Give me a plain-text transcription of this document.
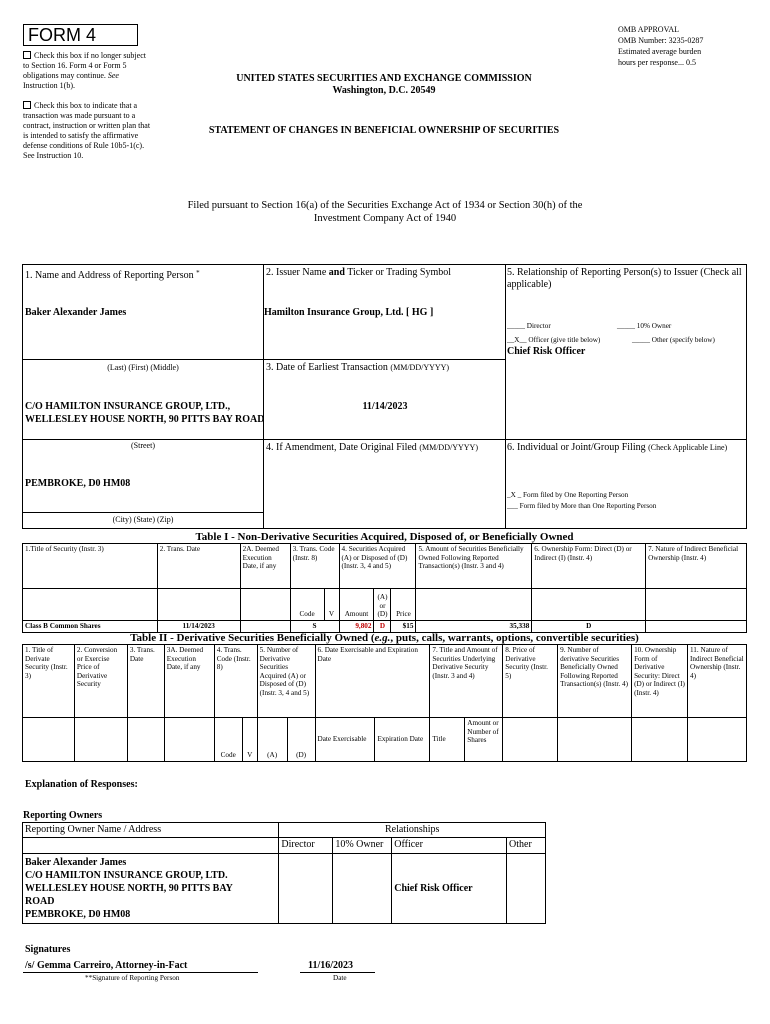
FORM 4
Check this box if no longer subject to Section 16. Form 4 or Form 5 obligations may continue. See Instruction 1(b).
Check this box to indicate that a transaction was made pursuant to a contract, instruction or written plan that is intended to satisfy the affirmative defense conditions of Rule 10b5-1(c). See Instruction 10.
OMB APPROVAL
OMB Number: 3235-0287
Estimated average burden
hours per response... 0.5
UNITED STATES SECURITIES AND EXCHANGE COMMISSION
Washington, D.C. 20549
STATEMENT OF CHANGES IN BENEFICIAL OWNERSHIP OF SECURITIES
Filed pursuant to Section 16(a) of the Securities Exchange Act of 1934 or Section 30(h) of the
Investment Company Act of 1940
1. Name and Address of Reporting Person *
Baker Alexander James
(Last) (First) (Middle)
C/O HAMILTON INSURANCE GROUP, LTD., WELLESLEY HOUSE NORTH, 90 PITTS BAY ROAD
(Street)
PEMBROKE, D0 HM08
(City) (State) (Zip)
2. Issuer Name and Ticker or Trading Symbol
Hamilton Insurance Group, Ltd. [ HG ]
3. Date of Earliest Transaction (MM/DD/YYYY)
11/14/2023
4. If Amendment, Date Original Filed (MM/DD/YYYY)
5. Relationship of Reporting Person(s) to Issuer (Check all applicable)
_____ Director	_____ 10% Owner
__X__ Officer (give title below)	_____ Other (specify below)
Chief Risk Officer
6. Individual or Joint/Group Filing (Check Applicable Line)
_X _ Form filed by One Reporting Person
___ Form filed by More than One Reporting Person
Table I - Non-Derivative Securities Acquired, Disposed of, or Beneficially Owned
1.Title of Security (Instr. 3)	2. Trans. Date	2A. Deemed Execution Date, if any	3. Trans. Code (Instr. 8)		4. Securities Acquired (A) or Disposed of (D) (Instr. 3, 4 and 5)			5. Amount of Securities Beneficially Owned Following Reported Transaction(s) (Instr. 3 and 4)	6. Ownership Form: Direct (D) or Indirect (I) (Instr. 4)	7. Nature of Indirect Beneficial Ownership (Instr. 4)
			Code	V	Amount	(A) or (D)	Price			
Class B Common Shares	11/14/2023		S		9,802	D	$15	35,338	D	
Table II - Derivative Securities Beneficially Owned (e.g., puts, calls, warrants, options, convertible securities)
1. Title of Derivate Security (Instr. 3)	2. Conversion or Exercise Price of Derivative Security	3. Trans. Date	3A. Deemed Execution Date, if any	4. Trans. Code (Instr. 8)		5. Number of Derivative Securities Acquired (A) or Disposed of (D) (Instr. 3, 4 and 5)		6. Date Exercisable and Expiration Date		7. Title and Amount of Securities Underlying Derivative Security (Instr. 3 and 4)		8. Price of Derivative Security (Instr. 5)	9. Number of derivative Securities Beneficially Owned Following Reported Transaction(s) (Instr. 4)	10. Ownership Form of Derivative Security: Direct (D) or Indirect (I) (Instr. 4)	11. Nature of Indirect Beneficial Ownership (Instr. 4)
				Code	V	(A)	(D)	Date Exercisable	Expiration Date	Title	Amount or Number of Shares				
Explanation of Responses:
Reporting Owners
Reporting Owner Name / Address	Relationships			
	Director	10% Owner	Officer	Other

Baker Alexander James
C/O HAMILTON INSURANCE GROUP, LTD.
WELLESLEY HOUSE NORTH, 90 PITTS BAY
ROAD
PEMBROKE, D0 HM08			Chief Risk Officer	
Signatures
/s/ Gemma Carreiro, Attorney-in-Fact	11/16/2023
**Signature of Reporting Person	Date
